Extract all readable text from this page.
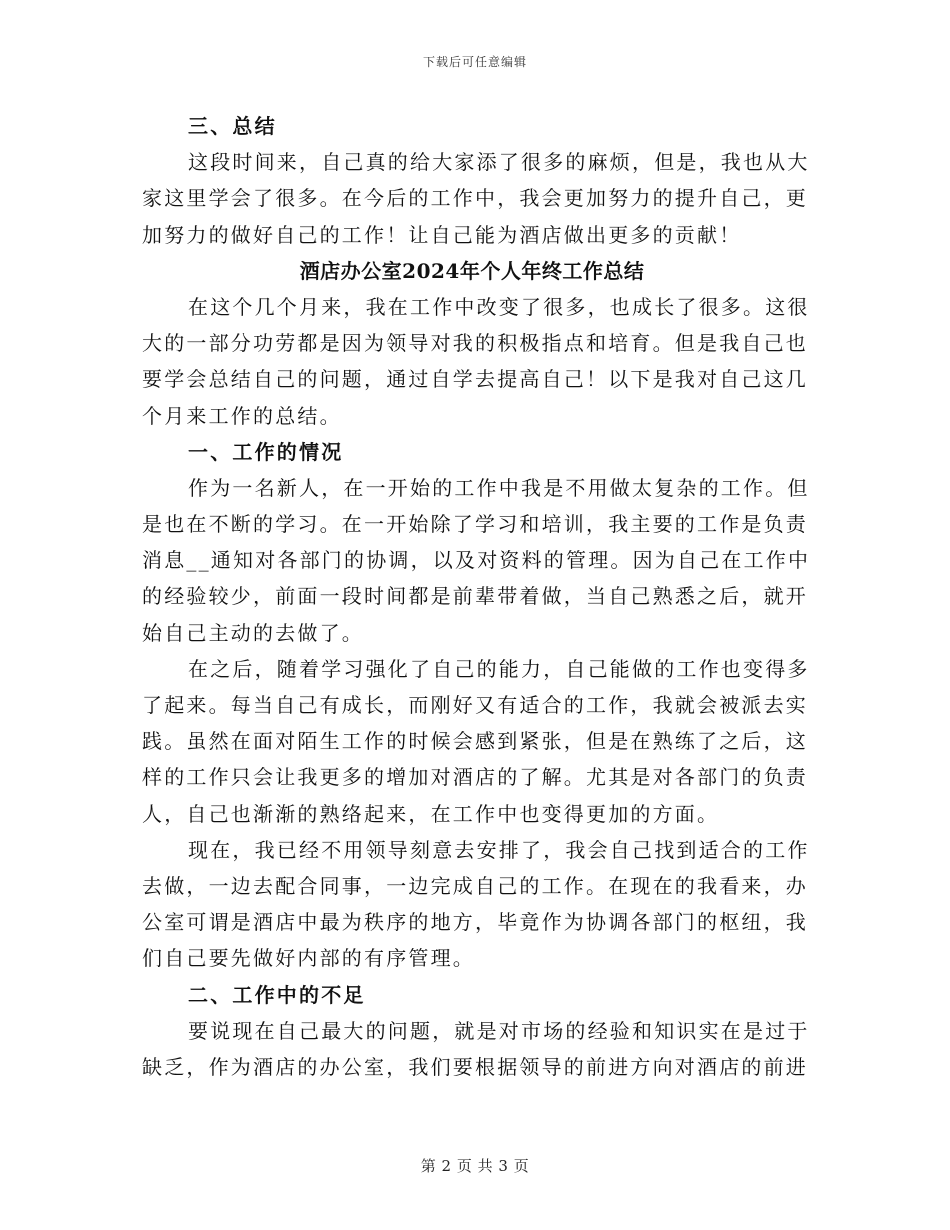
下载后可任意编辑
三、总结
这段时间来，自己真的给大家添了很多的麻烦，但是，我也从大
家这里学会了很多。在今后的工作中，我会更加努力的提升自己，更
加努力的做好自己的工作！让自己能为酒店做出更多的贡献！
酒店办公室2024年个人年终工作总结
在这个几个月来，我在工作中改变了很多，也成长了很多。这很
大的一部分功劳都是因为领导对我的积极指点和培育。但是我自己也
要学会总结自己的问题，通过自学去提高自己！以下是我对自己这几
个月来工作的总结。
一、工作的情况
作为一名新人，在一开始的工作中我是不用做太复杂的工作。但
是也在不断的学习。在一开始除了学习和培训，我主要的工作是负责
消息__通知对各部门的协调，以及对资料的管理。因为自己在工作中
的经验较少，前面一段时间都是前辈带着做，当自己熟悉之后，就开
始自己主动的去做了。
在之后，随着学习强化了自己的能力，自己能做的工作也变得多
了起来。每当自己有成长，而刚好又有适合的工作，我就会被派去实
践。虽然在面对陌生工作的时候会感到紧张，但是在熟练了之后，这
样的工作只会让我更多的增加对酒店的了解。尤其是对各部门的负责
人，自己也渐渐的熟络起来，在工作中也变得更加的方面。
现在，我已经不用领导刻意去安排了，我会自己找到适合的工作
去做，一边去配合同事，一边完成自己的工作。在现在的我看来，办
公室可谓是酒店中最为秩序的地方，毕竟作为协调各部门的枢纽，我
们自己要先做好内部的有序管理。
二、工作中的不足
要说现在自己最大的问题，就是对市场的经验和知识实在是过于
缺乏，作为酒店的办公室，我们要根据领导的前进方向对酒店的前进
第 2 页 共 3 页
